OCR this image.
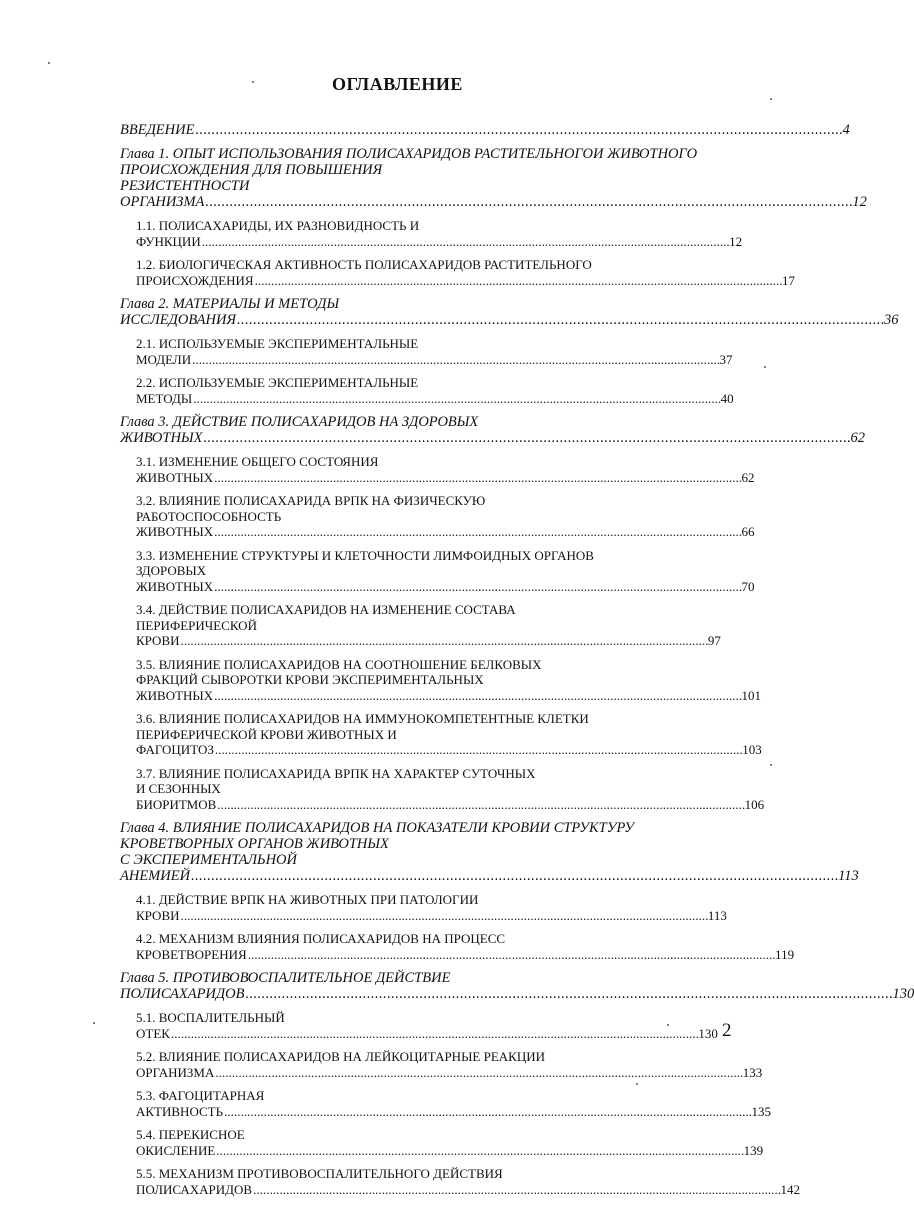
ОГЛАВЛЕНИЕ
ВВЕДЕНИЕ . . .	4
Глава 1. ОПЫТ ИСПОЛЬЗОВАНИЯ ПОЛИСАХАРИДОВ РАСТИТЕЛЬНОГОИ ЖИВОТНОГО ПРОИСХОЖДЕНИЯ ДЛЯ ПОВЫШЕНИЯ
РЕЗИСТЕНТНОСТИ ОРГАНИЗМА . . .	12
1.1. ПОЛИСАХАРИДЫ, ИХ РАЗНОВИДНОСТЬ И ФУНКЦИИ . . .	12
1.2. БИОЛОГИЧЕСКАЯ АКТИВНОСТЬ ПОЛИСАХАРИДОВ РАСТИТЕЛЬНОГО
ПРОИСХОЖДЕНИЯ . . .	17
Глава 2. МАТЕРИАЛЫ И МЕТОДЫ ИССЛЕДОВАНИЯ . . .	36
2.1. ИСПОЛЬЗУЕМЫЕ ЭКСПЕРИМЕНТАЛЬНЫЕ МОДЕЛИ . . .	37
2.2. ИСПОЛЬЗУЕМЫЕ ЭКСПЕРИМЕНТАЛЬНЫЕ МЕТОДЫ . . .	40
Глава 3. ДЕЙСТВИЕ ПОЛИСАХАРИДОВ НА ЗДОРОВЫХ ЖИВОТНЫХ . . .	62
3.1. ИЗМЕНЕНИЕ ОБЩЕГО СОСТОЯНИЯ ЖИВОТНЫХ . . .	62
3.2. ВЛИЯНИЕ ПОЛИСАХАРИДА ВРПК НА ФИЗИЧЕСКУЮ
РАБОТОСПОСОБНОСТЬ ЖИВОТНЫХ . . .	66
3.3. ИЗМЕНЕНИЕ СТРУКТУРЫ И КЛЕТОЧНОСТИ ЛИМФОИДНЫХ ОРГАНОВ
ЗДОРОВЫХ ЖИВОТНЫХ . . .	70
3.4. ДЕЙСТВИЕ ПОЛИСАХАРИДОВ НА ИЗМЕНЕНИЕ СОСТАВА
ПЕРИФЕРИЧЕСКОЙ КРОВИ . . .	97
3.5. ВЛИЯНИЕ ПОЛИСАХАРИДОВ НА СООТНОШЕНИЕ БЕЛКОВЫХ
ФРАКЦИЙ СЫВОРОТКИ КРОВИ ЭКСПЕРИМЕНТАЛЬНЫХ ЖИВОТНЫХ . . .	101
3.6. ВЛИЯНИЕ ПОЛИСАХАРИДОВ НА ИММУНОКОМПЕТЕНТНЫЕ КЛЕТКИ
ПЕРИФЕРИЧЕСКОЙ КРОВИ ЖИВОТНЫХ И ФАГОЦИТОЗ . . .	103
3.7. ВЛИЯНИЕ ПОЛИСАХАРИДА ВРПК НА ХАРАКТЕР СУТОЧНЫХ
И СЕЗОННЫХ БИОРИТМОВ . . .	106
Глава 4. ВЛИЯНИЕ ПОЛИСАХАРИДОВ НА ПОКАЗАТЕЛИ КРОВИИ СТРУКТУРУ КРОВЕТВОРНЫХ ОРГАНОВ ЖИВОТНЫХ
С ЭКСПЕРИМЕНТАЛЬНОЙ АНЕМИЕЙ . . .	113
4.1. ДЕЙСТВИЕ ВРПК НА ЖИВОТНЫХ ПРИ ПАТОЛОГИИ КРОВИ . . .	113
4.2. МЕХАНИЗМ ВЛИЯНИЯ ПОЛИСАХАРИДОВ НА ПРОЦЕСС
КРОВЕТВОРЕНИЯ . . .	119
Глава 5. ПРОТИВОВОСПАЛИТЕЛЬНОЕ ДЕЙСТВИЕ ПОЛИСАХАРИДОВ . . .	130
5.1. ВОСПАЛИТЕЛЬНЫЙ ОТЕК . . .	130
5.2. ВЛИЯНИЕ ПОЛИСАХАРИДОВ НА ЛЕЙКОЦИТАРНЫЕ РЕАКЦИИ
ОРГАНИЗМА . . .	133
5.3. ФАГОЦИТАРНАЯ АКТИВНОСТЬ . . .	135
5.4. ПЕРЕКИСНОЕ ОКИСЛЕНИЕ . . .	139
5.5. МЕХАНИЗМ ПРОТИВОВОСПАЛИТЕЛЬНОГО ДЕЙСТВИЯ
ПОЛИСАХАРИДОВ . . .	142
2
